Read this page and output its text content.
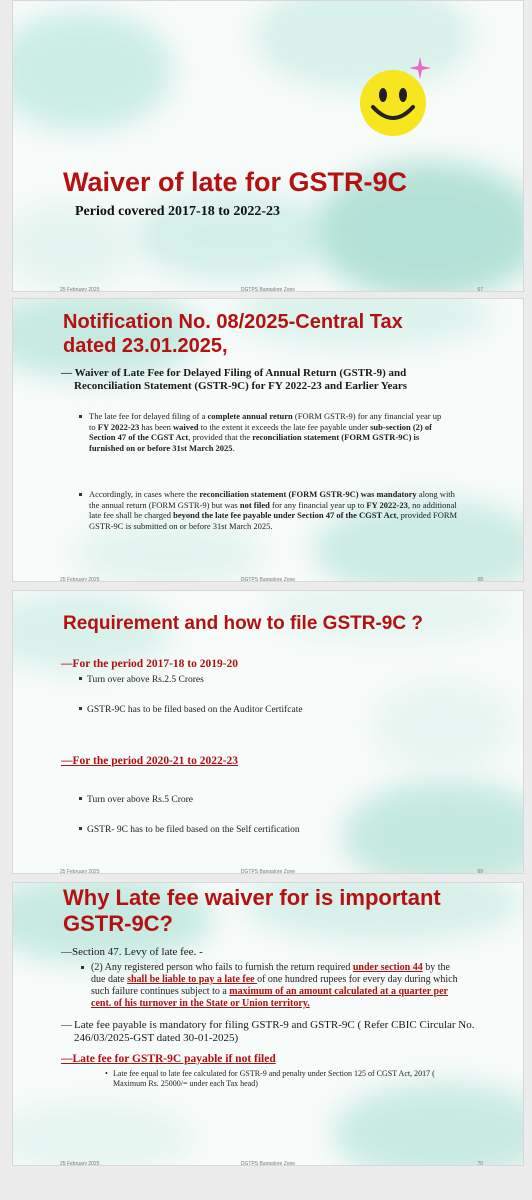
Waiver of late for GSTR-9C
Period covered 2017-18 to 2022-23
25 February 2025	DGTPS Bangalore Zone	67
Notification No. 08/2025-Central Tax
dated 23.01.2025,
— Waiver of Late Fee for Delayed Filing of Annual Return (GSTR-9) and
Reconciliation Statement (GSTR-9C) for FY 2022-23 and Earlier Years
The late fee for delayed filing of a complete annual return (FORM GSTR-9) for any financial year up to FY 2022-23 has been waived to the extent it exceeds the late fee payable under sub-section (2) of Section 47 of the CGST Act, provided that the reconciliation statement (FORM GSTR-9C) is furnished on or before 31st March 2025.
Accordingly, in cases where the reconciliation statement (FORM GSTR-9C) was mandatory along with the annual return (FORM GSTR-9) but was not filed for any financial year up to FY 2022-23, no additional late fee shall be charged beyond the late fee payable under Section 47 of the CGST Act, provided FORM GSTR-9C is submitted on or before 31st March 2025.
25 February 2025	DGTPS Bangalore Zone	68
Requirement and how to file GSTR-9C ?
—For the period 2017-18 to 2019-20
Turn over above Rs.2.5 Crores
GSTR-9C has to be filed based on the Auditor Certifcate
—For the period 2020-21 to 2022-23
Turn over above Rs.5 Crore
GSTR- 9C has to be filed based on the Self certification
25 February 2025	DGTPS Bangalore Zone	69
Why Late fee waiver for is important
GSTR-9C?
—Section 47. Levy of late fee. -
(2) Any registered person who fails to furnish the return required under section 44 by the due date shall be liable to pay a late fee of one hundred rupees for every day during which such failure continues subject to a maximum of an amount calculated at a quarter per cent. of his turnover in the State or Union territory.
— Late fee payable is mandatory for filing GSTR-9 and GSTR-9C ( Refer CBIC Circular No. 246/03/2025-GST dated 30-01-2025)
—Late fee for GSTR-9C payable if not filed
• Late fee equal to late fee calculated for GSTR-9 and penalty under Section 125 of CGST Act, 2017 ( Maximum Rs. 25000/= under each Tax head)
25 February 2025	DGTPS Bangalore Zone	70
